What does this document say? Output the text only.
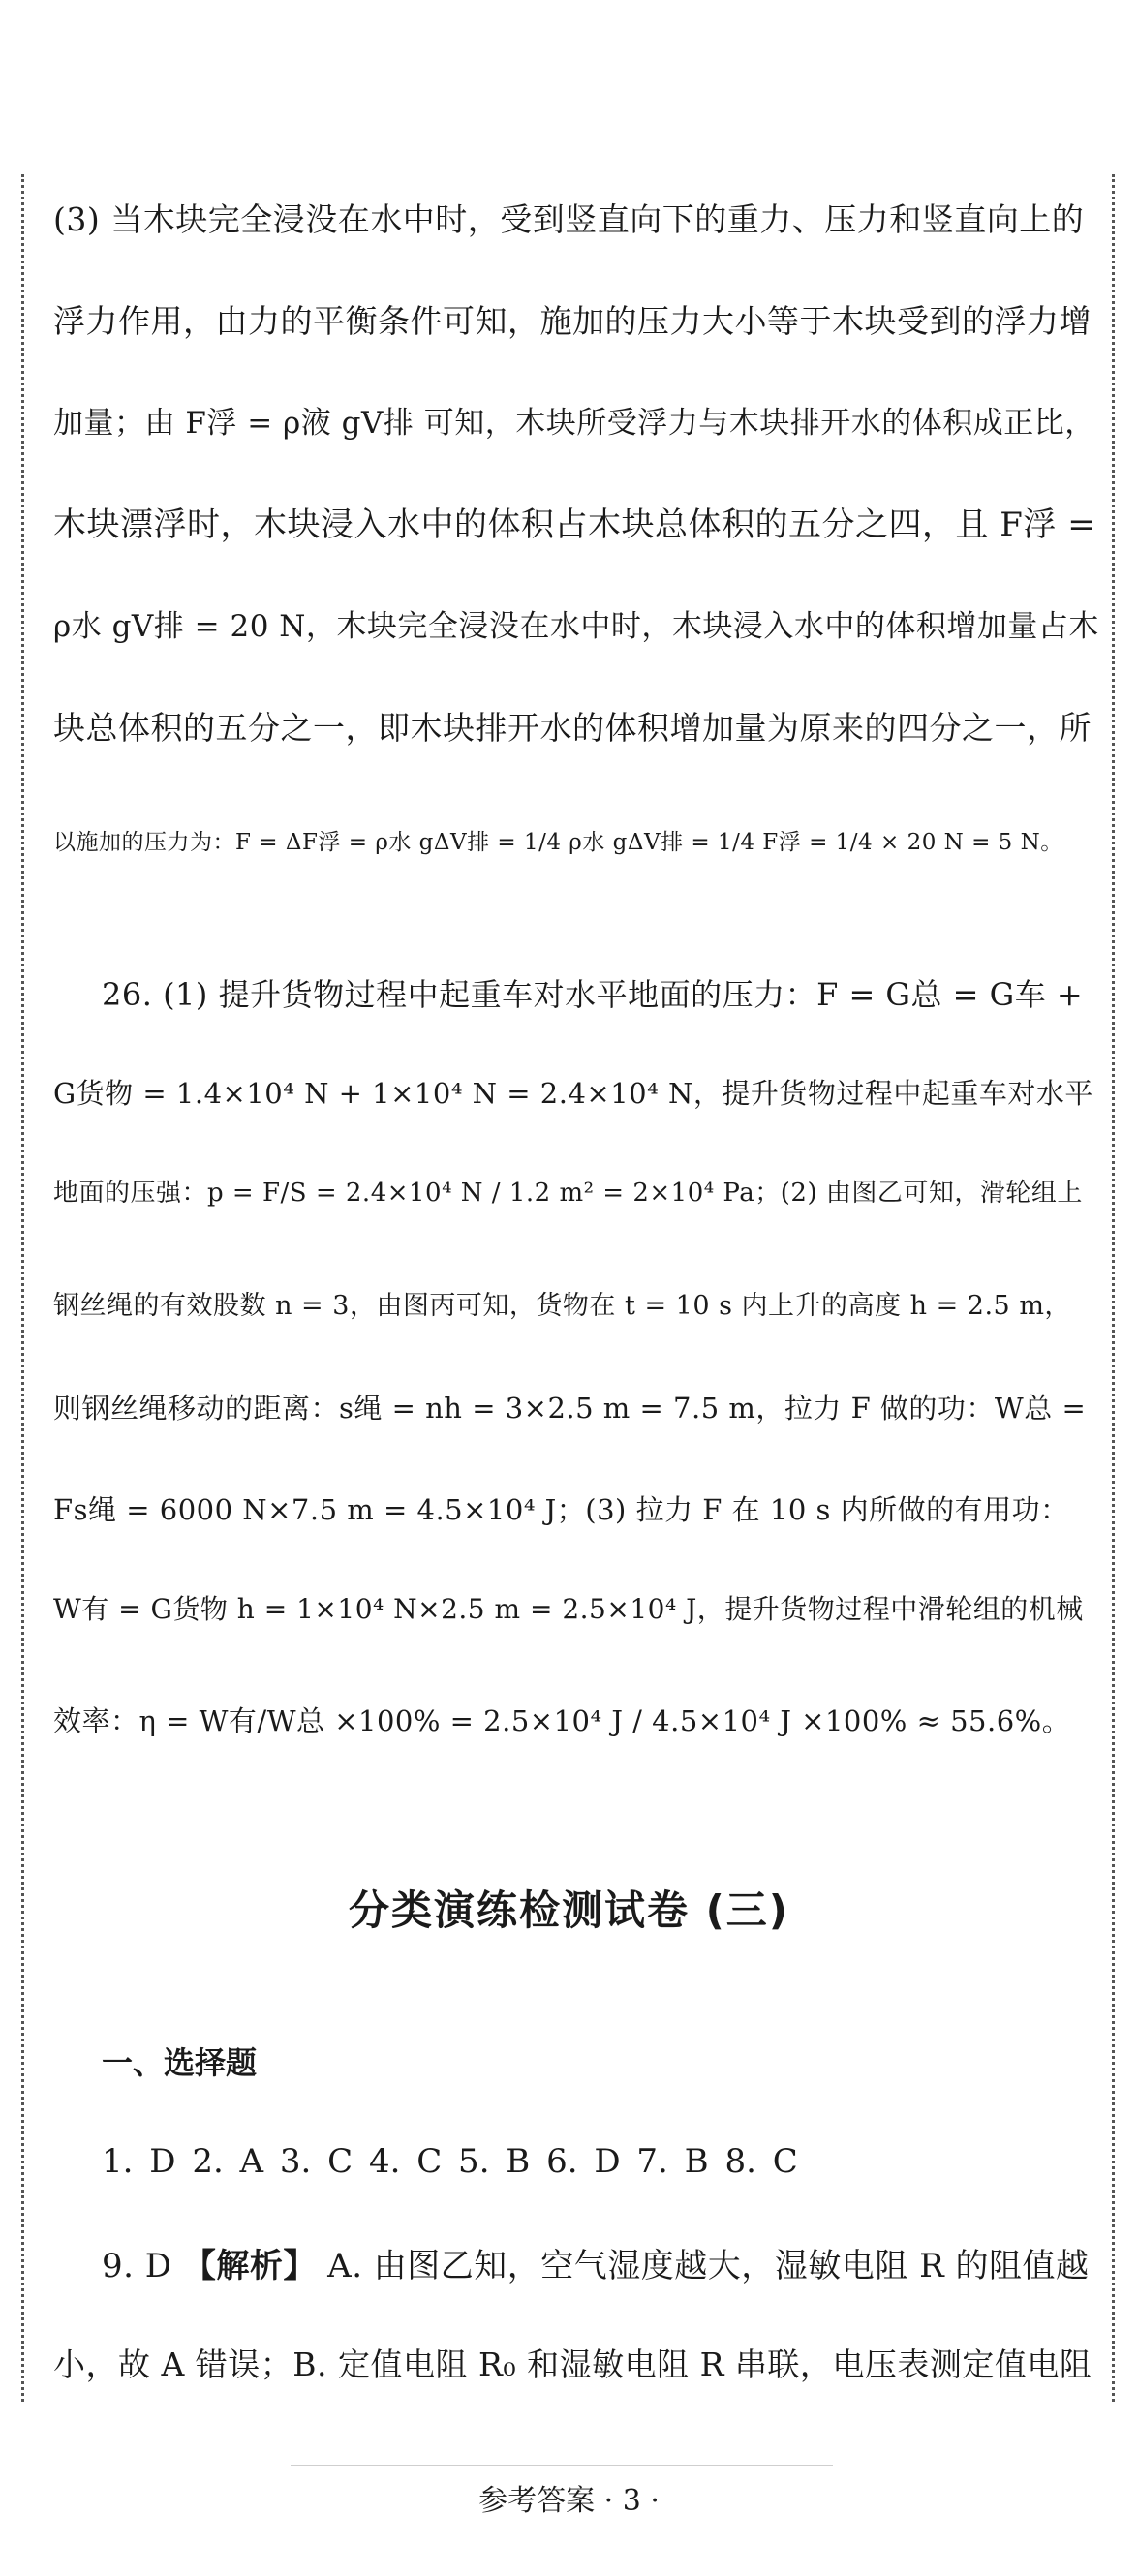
(3) 当木块完全浸没在水中时，受到竖直向下的重力、压力和竖直向上的
浮力作用，由力的平衡条件可知，施加的压力大小等于木块受到的浮力增
加量；由 F浮 = ρ液 gV排 可知，木块所受浮力与木块排开水的体积成正比，
木块漂浮时，木块浸入水中的体积占木块总体积的五分之四，且 F浮 =
ρ水 gV排 = 20 N，木块完全浸没在水中时，木块浸入水中的体积增加量占木
块总体积的五分之一，即木块排开水的体积增加量为原来的四分之一，所
以施加的压力为：F = ΔF浮 = ρ水 gΔV排 = 1/4 ρ水 gΔV排 = 1/4 F浮 = 1/4 × 20 N = 5 N。
26. (1) 提升货物过程中起重车对水平地面的压力：F = G总 = G车 +
G货物 = 1.4×10⁴ N + 1×10⁴ N = 2.4×10⁴ N，提升货物过程中起重车对水平
地面的压强：p = F/S = 2.4×10⁴ N / 1.2 m² = 2×10⁴ Pa；(2) 由图乙可知，滑轮组上
钢丝绳的有效股数 n = 3，由图丙可知，货物在 t = 10 s 内上升的高度 h = 2.5 m，
则钢丝绳移动的距离：s绳 = nh = 3×2.5 m = 7.5 m，拉力 F 做的功：W总 =
Fs绳 = 6000 N×7.5 m = 4.5×10⁴ J；(3) 拉力 F 在 10 s 内所做的有用功：
W有 = G货物 h = 1×10⁴ N×2.5 m = 2.5×10⁴ J，提升货物过程中滑轮组的机械
效率：η = W有/W总 ×100% = 2.5×10⁴ J / 4.5×10⁴ J ×100% ≈ 55.6%。
分类演练检测试卷 (三)
一、选择题
1. D 2. A 3. C 4. C 5. B 6. D 7. B 8. C
9. D 【解析】 A. 由图乙知，空气湿度越大，湿敏电阻 R 的阻值越
小，故 A 错误；B. 定值电阻 R₀ 和湿敏电阻 R 串联，电压表测定值电阻
参考答案 · 3 ·
